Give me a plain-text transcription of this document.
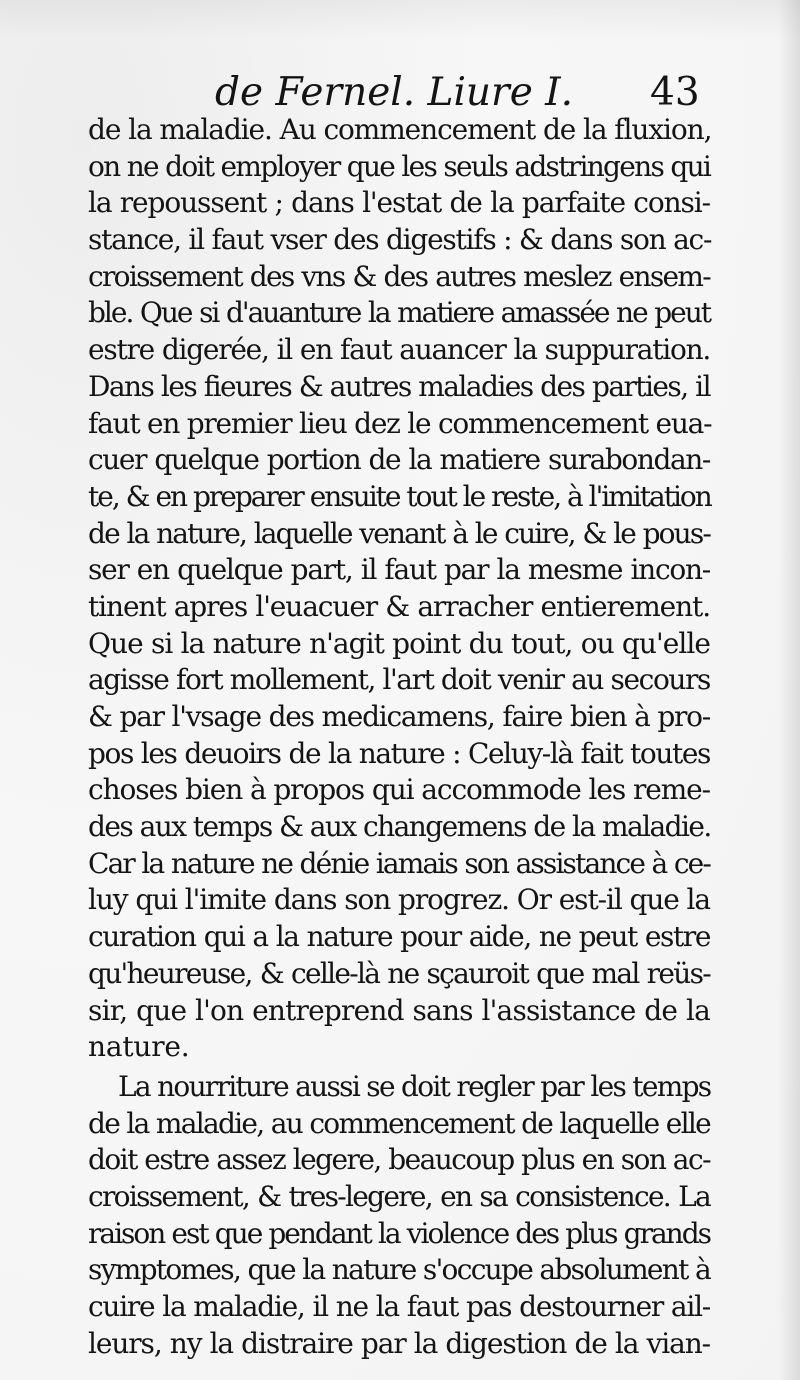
de Fernel. Liure I. 43
de la maladie. Au commencement de la fluxion,
on ne doit employer que les seuls adstringens qui
la repoussent ; dans l'estat de la parfaite consi-
stance, il faut vser des digestifs : & dans son ac-
croissement des vns & des autres meslez ensem-
ble. Que si d'auanture la matiere amassée ne peut
estre digerée, il en faut auancer la suppuration.
Dans les fieures & autres maladies des parties, il
faut en premier lieu dez le commencement eua-
cuer quelque portion de la matiere surabondan-
te, & en preparer ensuite tout le reste, à l'imitation
de la nature, laquelle venant à le cuire, & le pous-
ser en quelque part, il faut par la mesme incon-
tinent apres l'euacuer & arracher entierement.
Que si la nature n'agit point du tout, ou qu'elle
agisse fort mollement, l'art doit venir au secours
& par l'vsage des medicamens, faire bien à pro-
pos les deuoirs de la nature : Celuy-là fait toutes
choses bien à propos qui accommode les reme-
des aux temps & aux changemens de la maladie.
Car la nature ne dénie iamais son assistance à ce-
luy qui l'imite dans son progrez. Or est-il que la
curation qui a la nature pour aide, ne peut estre
qu'heureuse, & celle-là ne sçauroit que mal reüs-
sir, que l'on entreprend sans l'assistance de la
nature.
La nourriture aussi se doit regler par les temps
de la maladie, au commencement de laquelle elle
doit estre assez legere, beaucoup plus en son ac-
croissement, & tres-legere, en sa consistence. La
raison est que pendant la violence des plus grands
symptomes, que la nature s'occupe absolument à
cuire la maladie, il ne la faut pas destourner ail-
leurs, ny la distraire par la digestion de la vian-
